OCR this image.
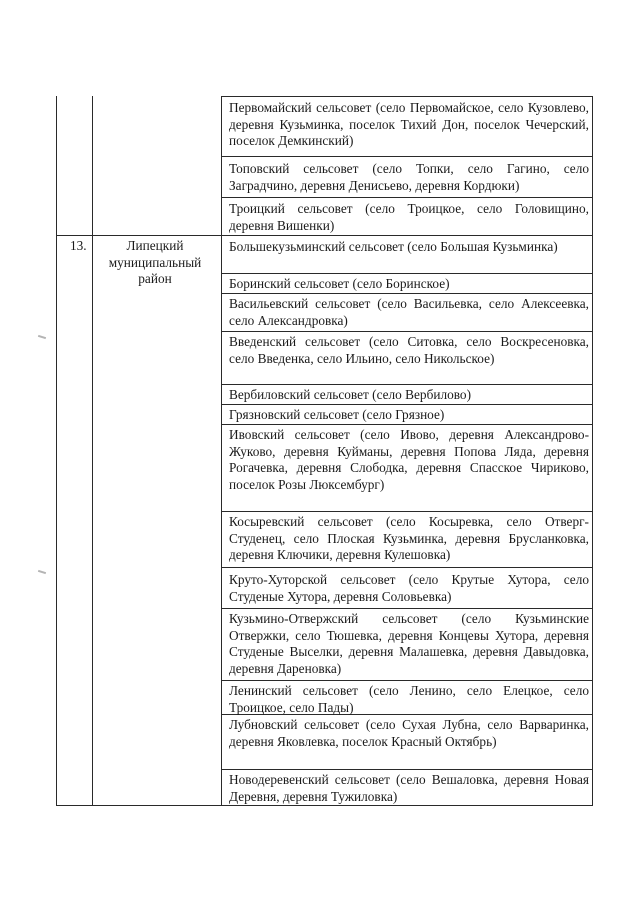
13.	Липецкий муниципальный район
Первомайский сельсовет (село Первомайское, село Кузовлево, деревня Кузьминка, поселок Тихий Дон, поселок Чечерский, поселок Демкинский)
Топовский сельсовет (село Топки, село Гагино, село Заградчино, деревня Денисьево, деревня Кордюки)
Троицкий сельсовет (село Троицкое, село Головищино, деревня Вишенки)
Большекузьминский сельсовет (село Большая Кузьминка)
Боринский сельсовет (село Боринское)
Васильевский сельсовет (село Васильевка, село Алексеевка, село Александровка)
Введенский сельсовет (село Ситовка, село Воскресеновка, село Введенка, село Ильино, село Никольское)
Вербиловский сельсовет (село Вербилово)
Грязновский сельсовет (село Грязное)
Ивовский сельсовет (село Ивово, деревня Александрово-Жуково, деревня Куйманы, деревня Попова Ляда, деревня Рогачевка, деревня Слободка, деревня Спасское Чириково, поселок Розы Люксембург)
Косыревский сельсовет (село Косыревка, село Отверг-Студенец, село Плоская Кузьминка, деревня Брусланковка, деревня Ключики, деревня Кулешовка)
Круто-Хуторской сельсовет (село Крутые Хутора, село Студеные Хутора, деревня Соловьевка)
Кузьмино-Отвержский сельсовет (село Кузьминские Отвержки, село Тюшевка, деревня Концевы Хутора, деревня Студеные Выселки, деревня Малашевка, деревня Давыдовка, деревня Дареновка)
Ленинский сельсовет (село Ленино, село Елецкое, село Троицкое, село Пады)
Лубновский сельсовет (село Сухая Лубна, село Варваринка, деревня Яковлевка, поселок Красный Октябрь)
Новодеревенский сельсовет (село Вешаловка, деревня Новая Деревня, деревня Тужиловка)
